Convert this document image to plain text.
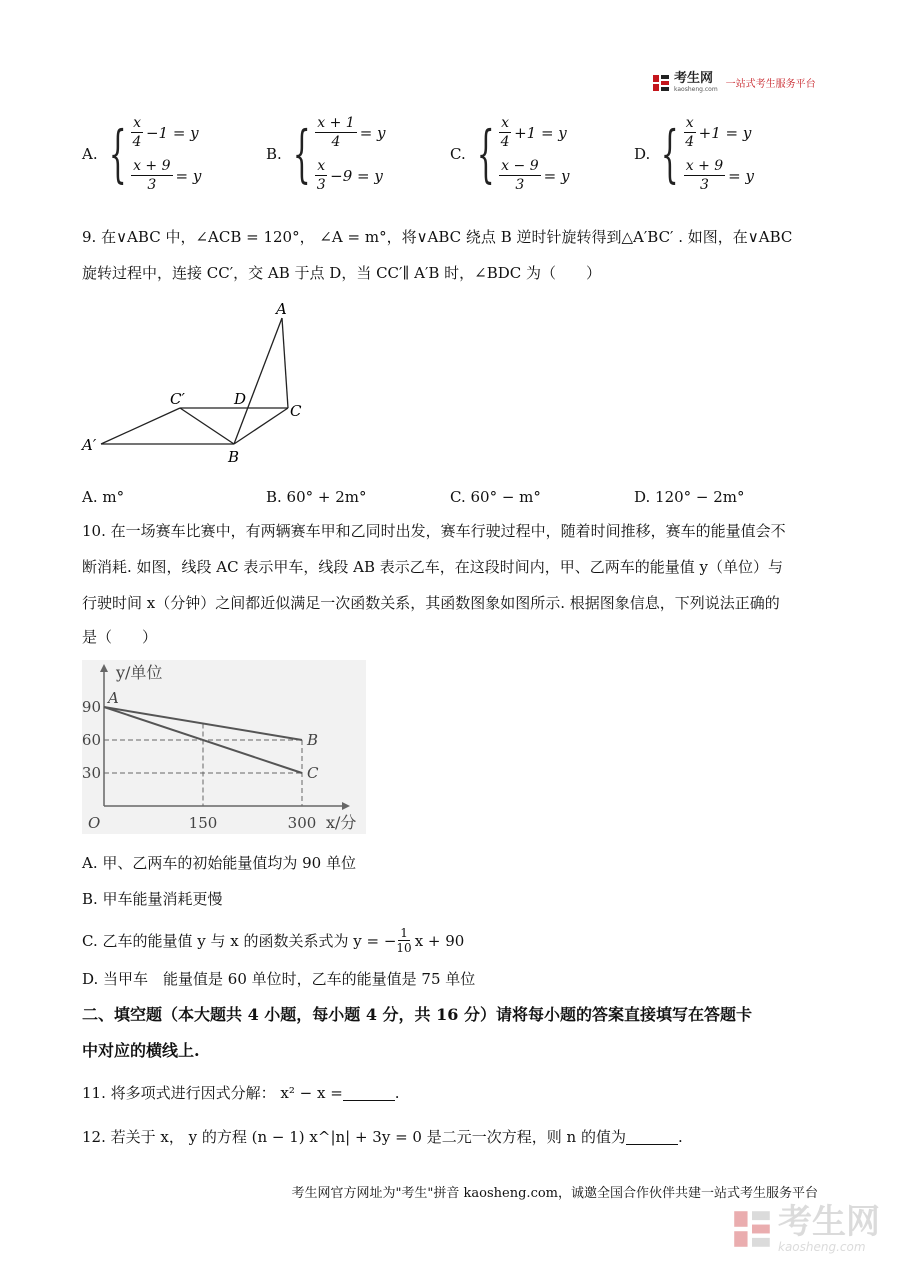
考生网
kaosheng.com 一站式考生服务平台
A. { $\frac{x}{4} -1 = y$
$\frac{x + 9}{3} = y$
B. { $\frac{x + 1}{4} = y$
$\frac{x}{3} -9 = y$
C. { $\frac{x}{4} +1 = y$
$\frac{x - 9}{3} = y$
D. { $\frac{x}{4} +1 = y$
$\frac{x + 9}{3} = y$
9. 在∨ABC 中，∠ACB = 120°， ∠A = m°，将∨ABC 绕点 B 逆时针旋转得到△A′BC′ . 如图，在∨ABC
旋转过程中，连接 CC′，交 AB 于点 D，当 CC′∥ A′B 时，∠BDC 为（　　）
A
B
C
D
C′
A′
A. m°	B. 60° + 2m°	C. 60° − m°	D. 120° − 2m°
10. 在一场赛车比赛中，有两辆赛车甲和乙同时出发，赛车行驶过程中，随着时间推移，赛车的能量值会不
断消耗. 如图，线段 AC 表示甲车，线段 AB 表示乙车，在这段时间内，甲、乙两车的能量值 y（单位）与
行驶时间 x（分钟）之间都近似满足一次函数关系，其函数图象如图所示. 根据图象信息，下列说法正确的
是（　　）
B
C
A
30
60
90
150	300
O
y/单位
x/分
A. 甲、乙两车的初始能量值均为 90 单位
B. 甲车能量消耗更慢
C. 乙车的能量值 y 与 x 的函数关系式为 y = − $\frac{1}{10}$ x + 90
D. 当甲车　能量值是 60 单位时，乙车的能量值是 75 单位
二、填空题（本大题共 4 小题，每小题 4 分，共 16 分）请将每小题的答案直接填写在答题卡
中对应的横线上.
11. 将多项式进行因式分解： x² − x =	.
12. 若关于 x， y 的方程 (n − 1) x^|n| + 3y = 0 是二元一次方程，则 n 的值为	.
考生网官方网址为"考生"拼音 kaosheng.com，诚邀全国合作伙伴共建一站式考生服务平台
考生网
kaosheng.com
